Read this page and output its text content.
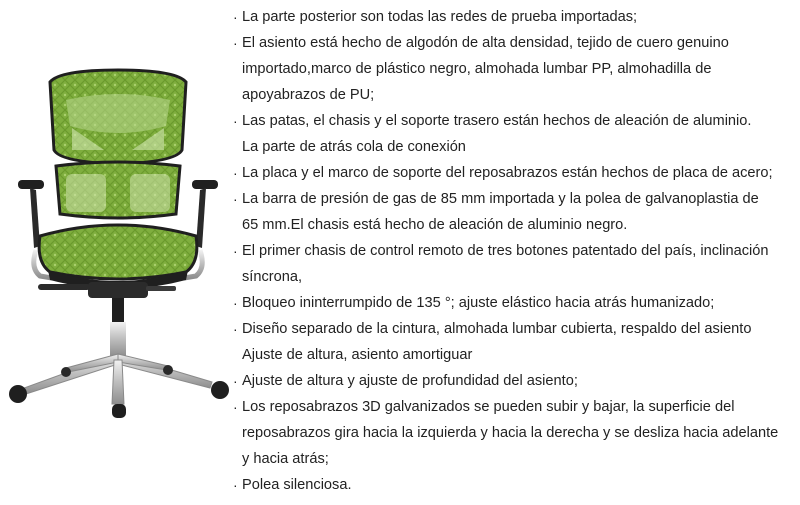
· La parte posterior son todas las redes de prueba importadas;
· El asiento está hecho de algodón de alta densidad, tejido de cuero genuino
importado,marco de plástico negro, almohada lumbar PP, almohadilla de
apoyabrazos de PU;
· Las patas, el chasis y el soporte trasero están hechos de aleación de aluminio.
La parte de atrás cola de conexión
· La placa y el marco de soporte del reposabrazos están hechos de placa de acero;
· La barra de presión de gas de 85 mm importada y la polea de galvanoplastia de
65 mm.El chasis está hecho de aleación de aluminio negro.
· El primer chasis de control remoto de tres botones patentado del país, inclinación
síncrona,
· Bloqueo ininterrumpido de 135 °; ajuste elástico hacia atrás humanizado;
· Diseño separado de la cintura, almohada lumbar cubierta, respaldo del asiento
Ajuste de altura, asiento amortiguar
· Ajuste de altura y ajuste de profundidad del asiento;
· Los reposabrazos 3D galvanizados se pueden subir y bajar, la superficie del
reposabrazos gira hacia la izquierda y hacia la derecha y se desliza hacia adelante
y hacia atrás;
· Polea silenciosa.
